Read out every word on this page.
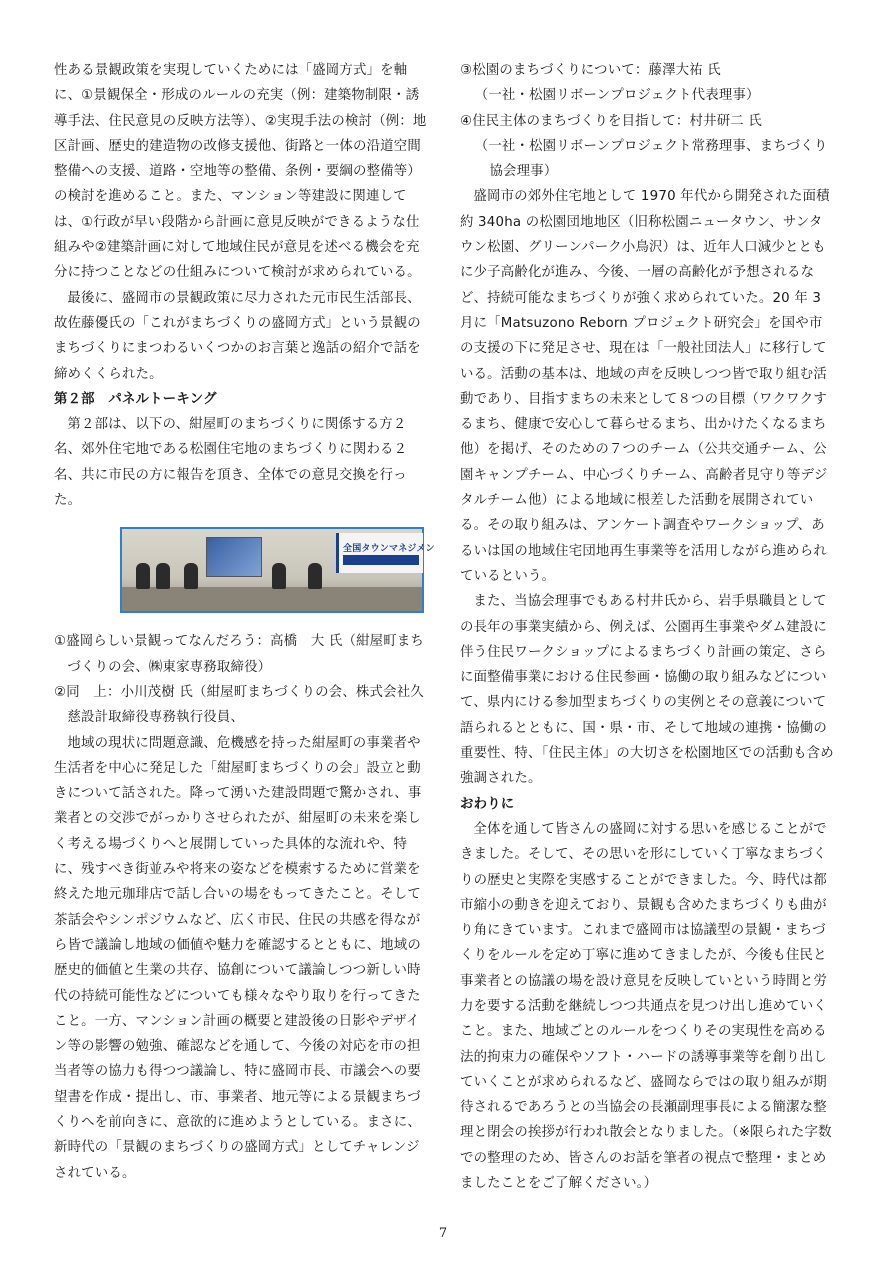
性ある景観政策を実現していくためには「盛岡方式」を軸に、①景観保全・形成のルールの充実（例：建築物制限・誘導手法、住民意見の反映方法等）、②実現手法の検討（例：地区計画、歴史的建造物の改修支援他、街路と一体の沿道空間整備への支援、道路・空地等の整備、条例・要綱の整備等）の検討を進めること。また、マンション等建設に関連しては、①行政が早い段階から計画に意見反映ができるような仕組みや②建築計画に対して地域住民が意見を述べる機会を充分に持つことなどの仕組みについて検討が求められている。

最後に、盛岡市の景観政策に尽力された元市民生活部長、故佐藤優氏の「これがまちづくりの盛岡方式」という景観のまちづくりにまつわるいくつかのお言葉と逸話の紹介で話を締めくくられた。

第２部　パネルトーキング

第２部は、以下の、紺屋町のまちづくりに関係する方２名、郊外住宅地である松園住宅地のまちづくりに関わる２名、共に市民の方に報告を頂き、全体での意見交換を行った。

全国タウンマネジメン

①盛岡らしい景観ってなんだろう：高橋　大 氏（紺屋町まちづくりの会、㈱東家専務取締役）

②同　上：小川茂樹 氏（紺屋町まちづくりの会、株式会社久慈設計取締役専務執行役員、

地域の現状に問題意識、危機感を持った紺屋町の事業者や生活者を中心に発足した「紺屋町まちづくりの会」設立と動きについて話された。降って湧いた建設問題で驚かされ、事業者との交渉でがっかりさせられたが、紺屋町の未来を楽しく考える場づくりへと展開していった具体的な流れや、特に、残すべき街並みや将来の姿などを模索するために営業を終えた地元珈琲店で話し合いの場をもってきたこと。そして茶話会やシンポジウムなど、広く市民、住民の共感を得ながら皆で議論し地域の価値や魅力を確認するとともに、地域の歴史的価値と生業の共存、協創について議論しつつ新しい時代の持続可能性などについても様々なやり取りを行ってきたこと。一方、マンション計画の概要と建設後の日影やデザイン等の影響の勉強、確認などを通して、今後の対応を市の担当者等の協力も得つつ議論し、特に盛岡市長、市議会への要望書を作成・提出し、市、事業者、地元等による景観まちづくりへを前向きに、意欲的に進めようとしている。まさに、新時代の「景観のまちづくりの盛岡方式」としてチャレンジされている。

③松園のまちづくりについて：藤澤大祐 氏

（一社・松園リボーンプロジェクト代表理事）

④住民主体のまちづくりを目指して：村井研二 氏

（一社・松園リボーンプロジェクト常務理事、まちづくり協会理事）

盛岡市の郊外住宅地として 1970 年代から開発された面積約 340ha の松園団地地区（旧称松園ニュータウン、サンタウン松園、グリーンパーク小鳥沢）は、近年人口減少とともに少子高齢化が進み、今後、一層の高齢化が予想されるなど、持続可能なまちづくりが強く求められていた。20 年 3 月に「Matsuzono Reborn プロジェクト研究会」を国や市の支援の下に発足させ、現在は「一般社団法人」に移行している。活動の基本は、地域の声を反映しつつ皆で取り組む活動であり、目指すまちの未来として８つの目標（ワクワクするまち、健康で安心して暮らせるまち、出かけたくなるまち他）を掲げ、そのための７つのチーム（公共交通チーム、公園キャンプチーム、中心づくりチーム、高齢者見守り等デジタルチーム他）による地域に根差した活動を展開されている。その取り組みは、アンケート調査やワークショップ、あるいは国の地域住宅団地再生事業等を活用しながら進められているという。

また、当協会理事でもある村井氏から、岩手県職員としての長年の事業実績から、例えば、公園再生事業やダム建設に伴う住民ワークショップによるまちづくり計画の策定、さらに面整備事業における住民参画・協働の取り組みなどについて、県内にける参加型まちづくりの実例とその意義について語られるとともに、国・県・市、そして地域の連携・協働の重要性、特、「住民主体」の大切さを松園地区での活動も含め強調された。

おわりに

全体を通して皆さんの盛岡に対する思いを感じることができました。そして、その思いを形にしていく丁寧なまちづくりの歴史と実際を実感することができました。今、時代は都市縮小の動きを迎えており、景観も含めたまちづくりも曲がり角にきています。これまで盛岡市は協議型の景観・まちづくりをルールを定め丁寧に進めてきましたが、今後も住民と事業者との協議の場を設け意見を反映していという時間と労力を要する活動を継続しつつ共通点を見つけ出し進めていくこと。また、地域ごとのルールをつくりその実現性を高める法的拘束力の確保やソフト・ハードの誘導事業等を創り出していくことが求められるなど、盛岡ならではの取り組みが期待されるであろうとの当協会の長瀬副理事長による簡潔な整理と閉会の挨拶が行われ散会となりました。（※限られた字数での整理のため、皆さんのお話を筆者の視点で整理・まとめましたことをご了解ください。）

7
